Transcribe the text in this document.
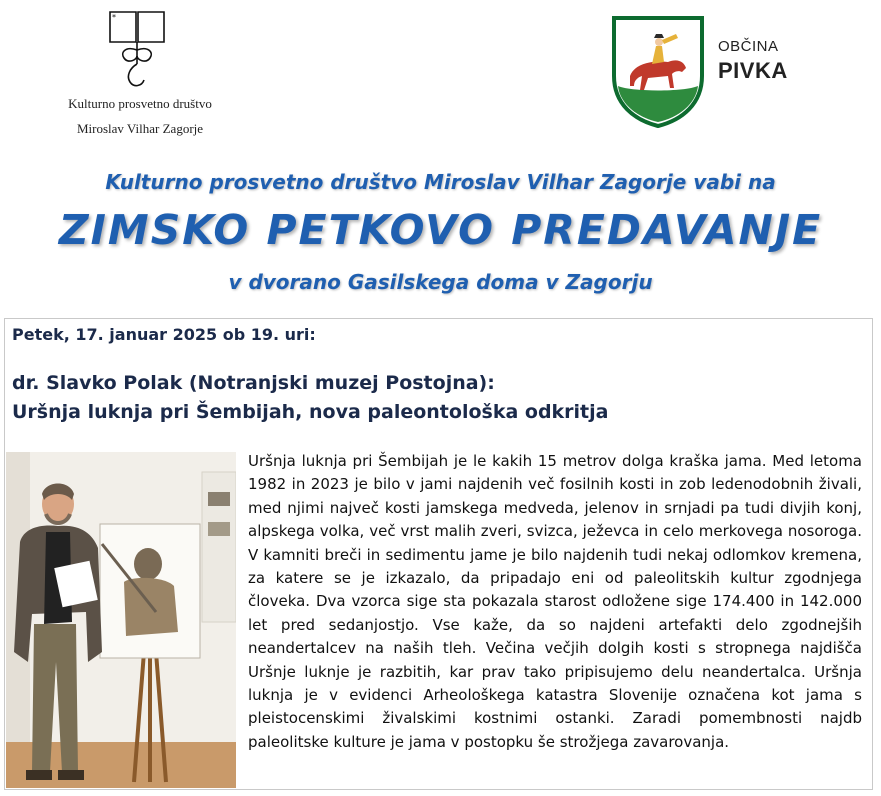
*
Kulturno prosvetno društvo
Miroslav Vilhar Zagorje
OBČINA
PIVKA
Kulturno prosvetno društvo Miroslav Vilhar Zagorje vabi na
ZIMSKO PETKOVO PREDAVANJE
v dvorano Gasilskega doma v Zagorju
Petek, 17. januar 2025 ob 19. uri:
dr. Slavko Polak (Notranjski muzej Postojna):
Uršnja luknja pri Šembijah, nova paleontološka odkritja
Uršnja luknja pri Šembijah je le kakih 15 metrov dolga kraška jama. Med letoma 1982 in 2023 je bilo v jami najdenih več fosilnih kosti in zob ledenodobnih živali, med njimi največ kosti jamskega medveda, jelenov in srnjadi pa tudi divjih konj, alpskega volka, več vrst malih zveri, svizca, ježevca in celo merkovega nosoroga. V kamniti breči in sedimentu jame je bilo najdenih tudi nekaj odlomkov kremena, za katere se je izkazalo, da pripadajo eni od paleolitskih kultur zgodnjega človeka. Dva vzorca sige sta pokazala starost odložene sige 174.400 in 142.000 let pred sedanjostjo. Vse kaže, da so najdeni artefakti delo zgodnejših neandertalcev na naših tleh. Večina večjih dolgih kosti s stropnega najdišča Uršnje luknje je razbitih, kar prav tako pripisujemo delu neandertalca. Uršnja luknja je v evidenci Arheološkega katastra Slovenije označena kot jama s pleistocenskimi živalskimi kostnimi ostanki. Zaradi pomembnosti najdb paleolitske kulture je jama v postopku še strožjega zavarovanja.
